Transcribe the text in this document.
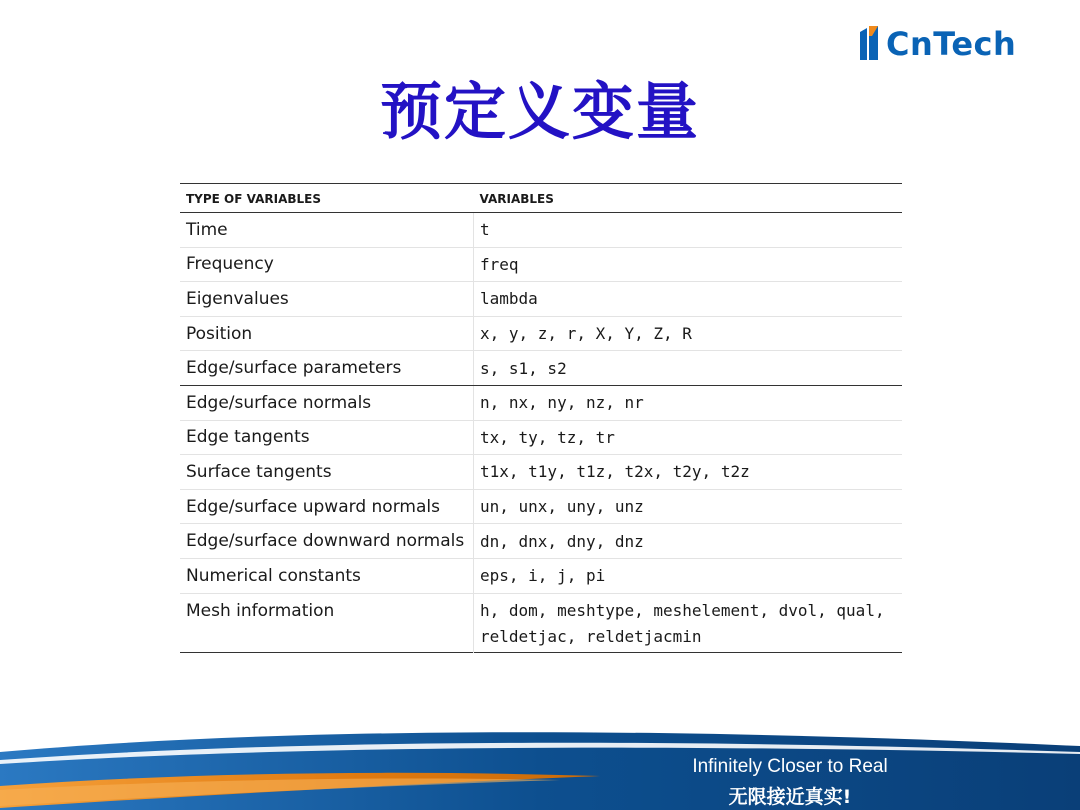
CnTech
预定义变量
TYPE OF VARIABLES	VARIABLES
Time	t
Frequency	freq
Eigenvalues	lambda
Position	x, y, z, r, X, Y, Z, R
Edge/surface parameters	s, s1, s2
Edge/surface normals	n, nx, ny, nz, nr
Edge tangents	tx, ty, tz, tr
Surface tangents	t1x, t1y, t1z, t2x, t2y, t2z
Edge/surface upward normals	un, unx, uny, unz
Edge/surface downward normals	dn, dnx, dny, dnz
Numerical constants	eps, i, j, pi
Mesh information	h, dom, meshtype, meshelement, dvol, qual,
reldetjac, reldetjacmin
Infinitely Closer to Real
无限接近真实!
